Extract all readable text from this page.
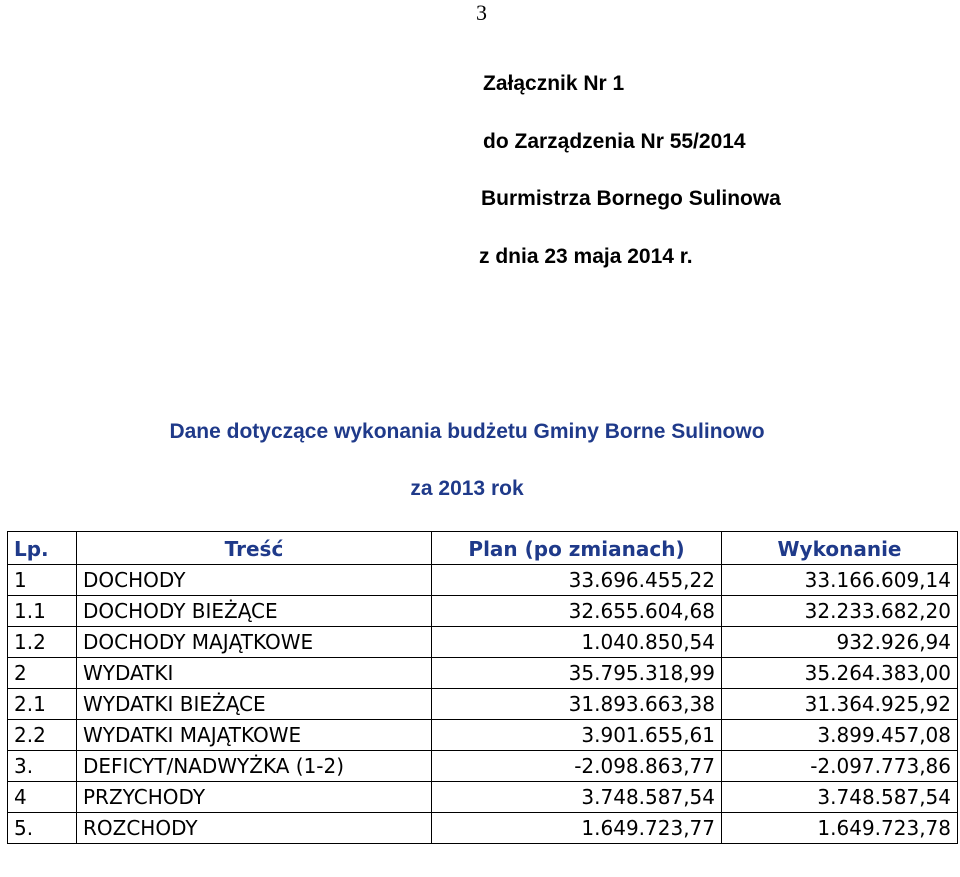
3
Załącznik Nr 1
do Zarządzenia Nr 55/2014
Burmistrza Bornego Sulinowa
z dnia 23 maja 2014 r.
Dane dotyczące wykonania budżetu Gminy Borne Sulinowo
za 2013 rok
Lp.	Treść	Plan (po zmianach)	Wykonanie
1	DOCHODY	33.696.455,22	33.166.609,14
1.1	DOCHODY BIEŻĄCE	32.655.604,68	32.233.682,20
1.2	DOCHODY MAJĄTKOWE	1.040.850,54	932.926,94
2	WYDATKI	35.795.318,99	35.264.383,00
2.1	WYDATKI BIEŻĄCE	31.893.663,38	31.364.925,92
2.2	WYDATKI MAJĄTKOWE	3.901.655,61	3.899.457,08
3.	DEFICYT/NADWYŻKA (1-2)	-2.098.863,77	-2.097.773,86
4	PRZYCHODY	3.748.587,54	3.748.587,54
5.	ROZCHODY	1.649.723,77	1.649.723,78
